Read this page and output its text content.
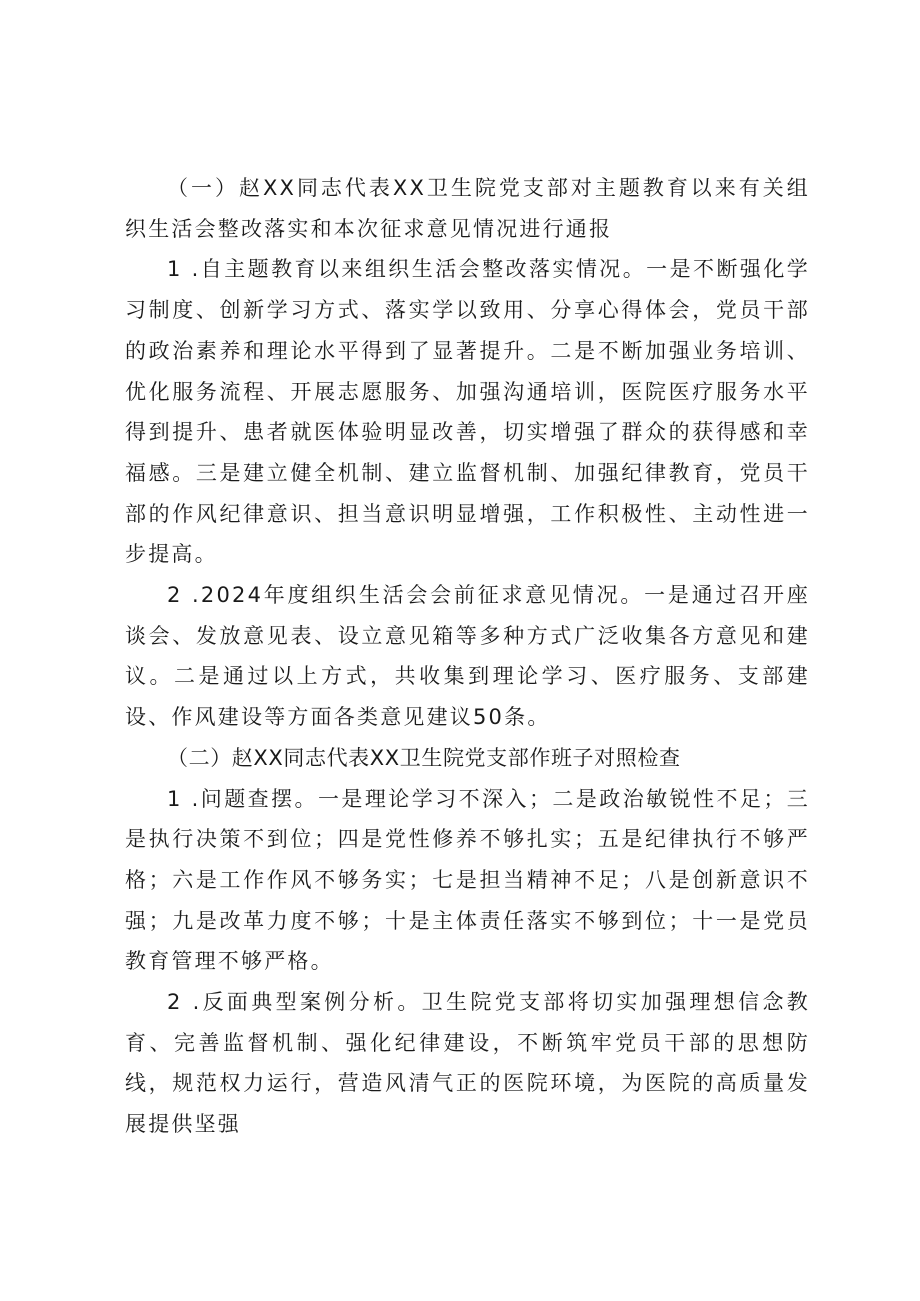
（一）赵XX同志代表XX卫生院党支部对主题教育以来有关组织生活会整改落实和本次征求意见情况进行通报

1 .自主题教育以来组织生活会整改落实情况。一是不断强化学习制度、创新学习方式、落实学以致用、分享心得体会，党员干部的政治素养和理论水平得到了显著提升。二是不断加强业务培训、优化服务流程、开展志愿服务、加强沟通培训，医院医疗服务水平得到提升、患者就医体验明显改善，切实增强了群众的获得感和幸福感。三是建立健全机制、建立监督机制、加强纪律教育，党员干部的作风纪律意识、担当意识明显增强，工作积极性、主动性进一步提高。

2 .2024年度组织生活会会前征求意见情况。一是通过召开座谈会、发放意见表、设立意见箱等多种方式广泛收集各方意见和建议。二是通过以上方式，共收集到理论学习、医疗服务、支部建设、作风建设等方面各类意见建议50条。

（二）赵XX同志代表XX卫生院党支部作班子对照检查

1 .问题查摆。一是理论学习不深入；二是政治敏锐性不足；三是执行决策不到位；四是党性修养不够扎实；五是纪律执行不够严格；六是工作作风不够务实；七是担当精神不足；八是创新意识不强；九是改革力度不够；十是主体责任落实不够到位；十一是党员教育管理不够严格。

2 .反面典型案例分析。卫生院党支部将切实加强理想信念教育、完善监督机制、强化纪律建设，不断筑牢党员干部的思想防线，规范权力运行，营造风清气正的医院环境，为医院的高质量发展提供坚强
